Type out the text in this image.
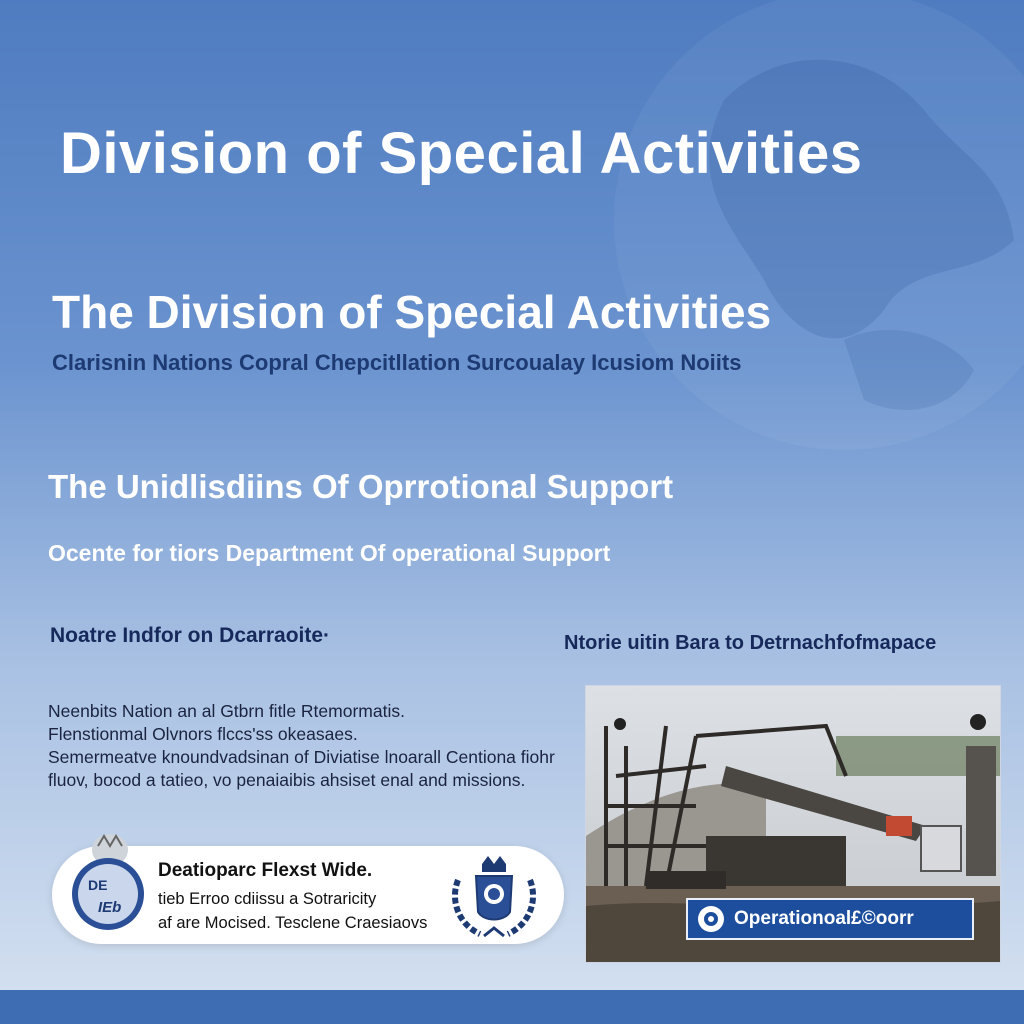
Division of Special Activities
The Division of Special Activities

Clarisnin Nations Copral Chepcitllation Surcoualay Icusiom Noiits

The Unidlisdiins Of Oprrotional Support

Ocente for tiors Department Of operational Support

Noatre Indfor on Dcarraoite·	Ntorie uitin Bara to Detrnachfofmapace

Neenbits Nation an al Gtbrn fitle Rtemormatis.
Flenstionmal Olvnors flccs'ss okeasaes.
Semermeatve knoundvadsinan of Diviatise lnoarall Centiona fiohr
fluov, bocod a tatieo, vo penaiaibis ahsiset enal and missions.
DE
IEb

Deatioparc Flexst Wide.

tieb Erroo cdiissu a Sotraricity

af are Mocised. Tesclene Craesiaovs	Operationoal£©oorr
